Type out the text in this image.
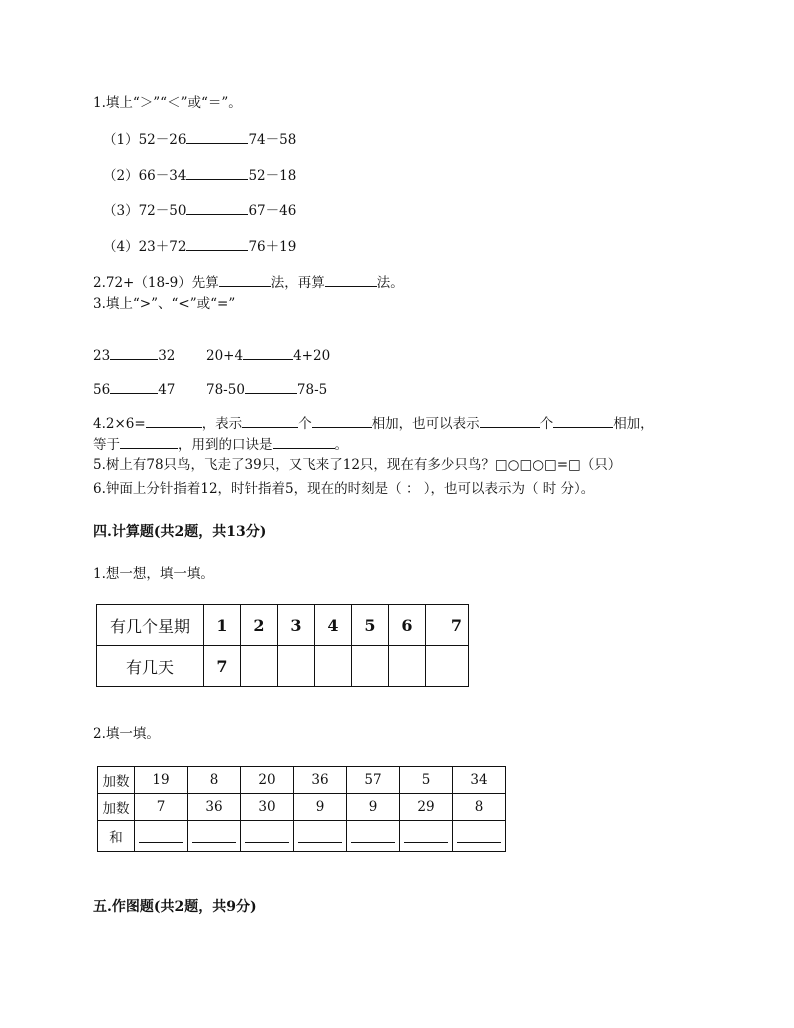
1.填上“＞”“＜”或“＝”。
（1）52－26	74－58
（2）66－34	52－18
（3）72－50	67－46
（4）23＋72	76＋19
2.72+（18-9）先算	法，再算	法。
3.填上“>”、“<”或“=”
23	32 20+4	4+20
56	47 78-50	78-5
4.2×6=	，表示	个	相加，也可以表示	个	相加，
等于	，用到的口诀是	。
5.树上有78只鸟，飞走了39只，又飞来了12只，现在有多少只鸟？□○□○□=□（只）
6.钟面上分针指着12，时针指着5，现在的时刻是（ ： ），也可以表示为（ 时 分）。
四.计算题(共2题，共13分)
1.想一想，填一填。
有几个星期	1	2	3	4	5	6	7
有几天	7						
2.填一填。
加数	19	8	20	36	57	5	34
加数	7	36	30	9	9	29	8
和							
五.作图题(共2题，共9分)
